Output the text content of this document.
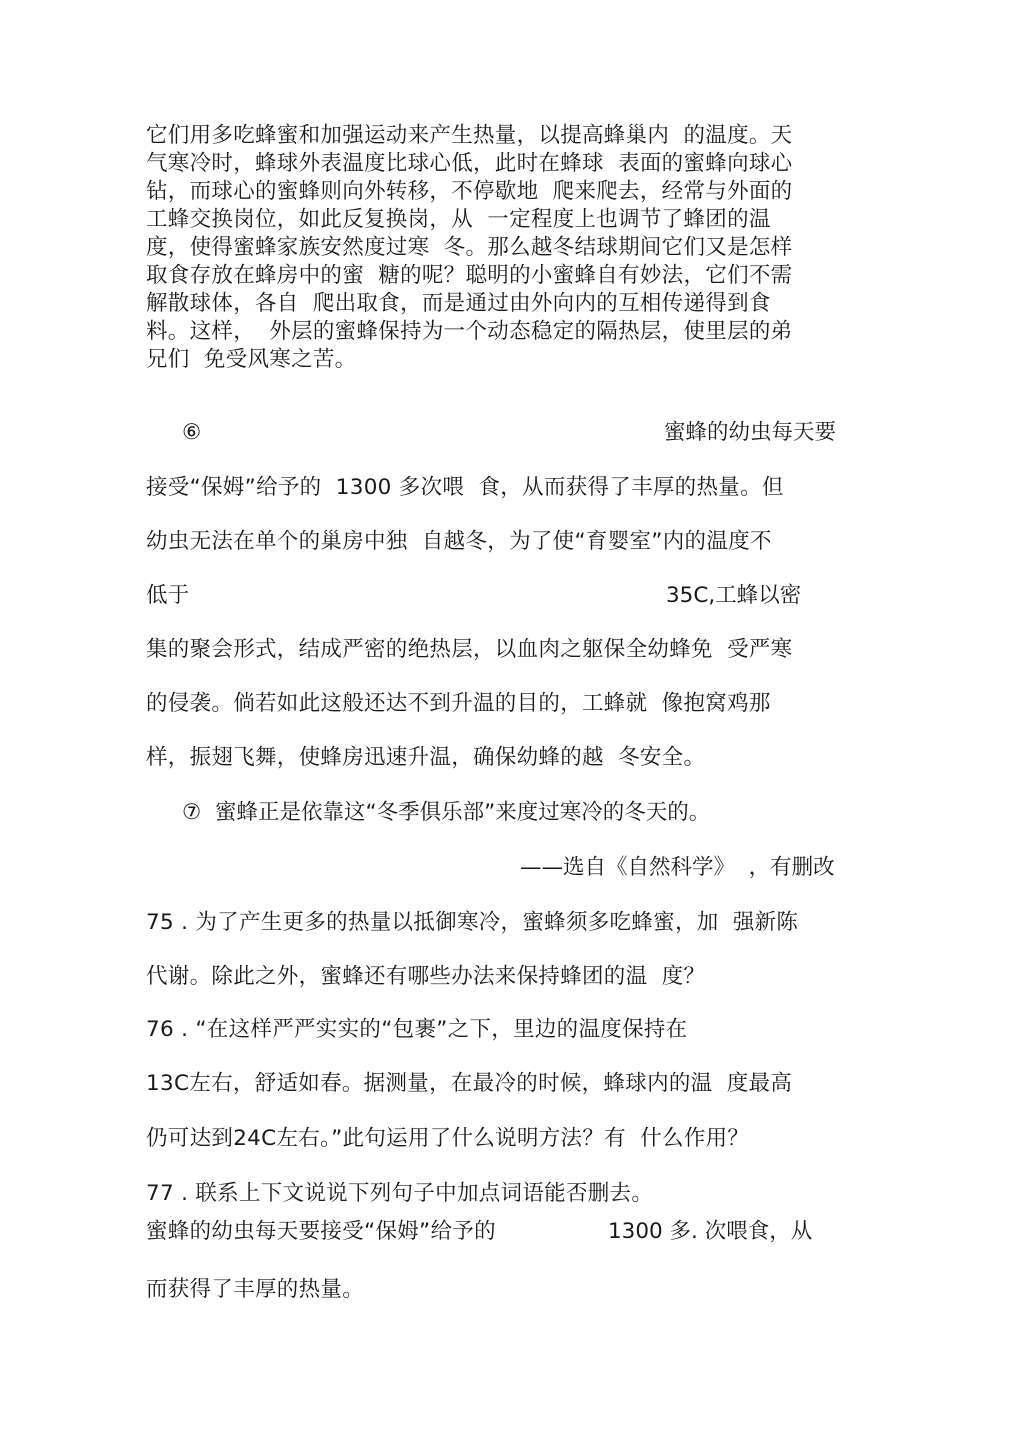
它们用多吃蜂蜜和加强运动来产生热量，以提高蜂巢内  的温度。天
气寒冷时，蜂球外表温度比球心低，此时在蜂球  表面的蜜蜂向球心
钻，而球心的蜜蜂则向外转移，不停歇地  爬来爬去，经常与外面的
工蜂交换岗位，如此反复换岗，从  一定程度上也调节了蜂团的温
度，使得蜜蜂家族安然度过寒  冬。那么越冬结球期间它们又是怎样
取食存放在蜂房中的蜜  糖的呢？聪明的小蜜蜂自有妙法，它们不需
解散球体，各自  爬出取食，而是通过由外向内的互相传递得到食
料。这样，  外层的蜜蜂保持为一个动态稳定的隔热层，使里层的弟
兄们  免受风寒之苦。
⑥	蜜蜂的幼虫每天要
接受“保姆”给予的  1300 多次喂  食，从而获得了丰厚的热量。但
幼虫无法在单个的巢房中独  自越冬，为了使“育婴室”内的温度不
低于	35C,工蜂以密
集的聚会形式，结成严密的绝热层，以血肉之躯保全幼蜂免  受严寒
的侵袭。倘若如此这般还达不到升温的目的，工蜂就  像抱窝鸡那
样，振翅飞舞，使蜂房迅速升温，确保幼蜂的越  冬安全。
⑦  蜜蜂正是依靠这“冬季俱乐部”来度过寒冷的冬天的。
——选自《自然科学》  ，有删改
75 . 为了产生更多的热量以抵御寒冷，蜜蜂须多吃蜂蜜，加  强新陈
代谢。除此之外，蜜蜂还有哪些办法来保持蜂团的温  度？
76 . “在这样严严实实的“包裹”之下，里边的温度保持在
13C左右，舒适如春。据测量，在最冷的时候，蜂球内的温  度最高
仍可达到24C左右。”此句运用了什么说明方法？有  什么作用？
77 . 联系上下文说说下列句子中加点词语能否删去。
蜜蜂的幼虫每天要接受“保姆”给予的	1300 多. 次喂食，从
而获得了丰厚的热量。
